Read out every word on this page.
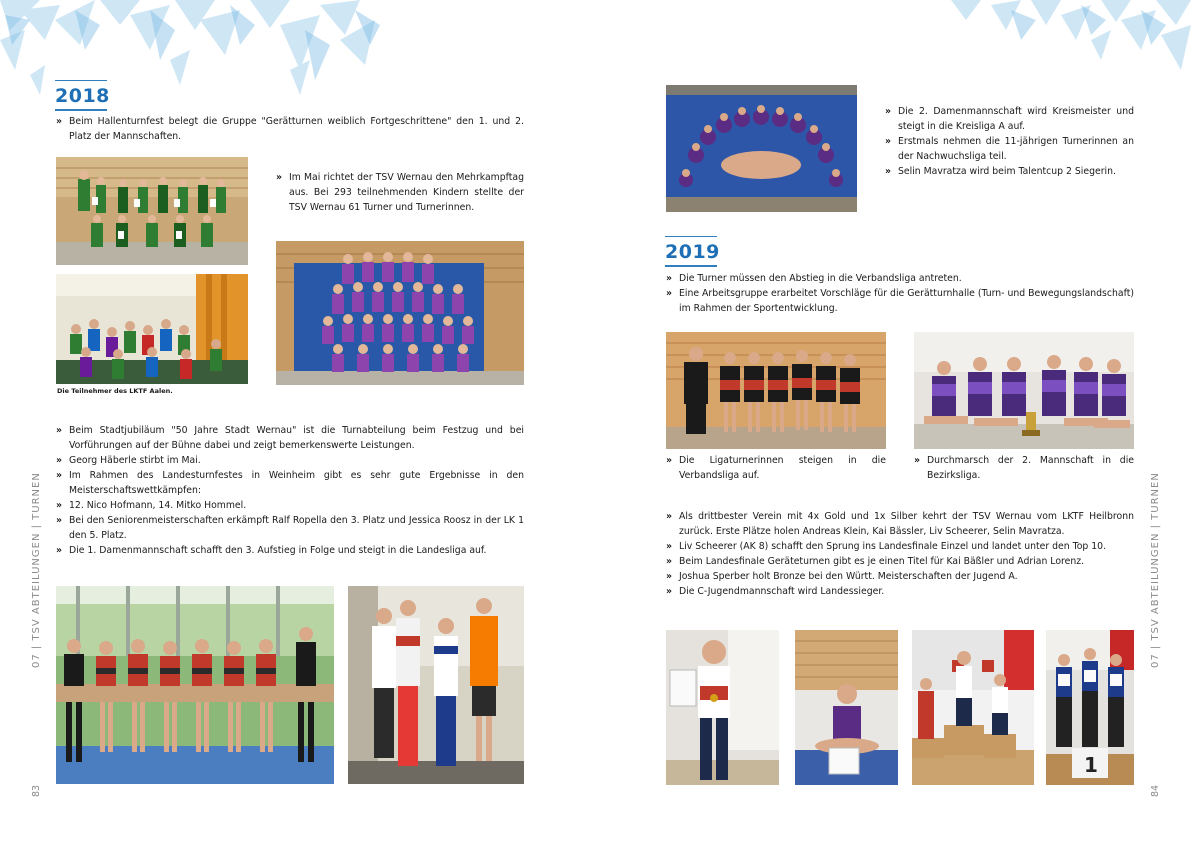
2018
» Beim Hallenturnfest belegt die Gruppe "Gerätturnen weiblich Fortgeschrittene" den 1. und 2. Platz der Mannschaften.
» Im Mai richtet der TSV Wernau den Mehrkampftag aus. Bei 293 teilnehmenden Kindern stellte der TSV Wernau 61 Turner und Turnerinnen.
Die Teilnehmer des LKTF Aalen.
» Beim Stadtjubiläum "50 Jahre Stadt Wernau" ist die Turnabteilung beim Festzug und bei Vorführungen auf der Bühne dabei und zeigt bemerkenswerte Leistungen.
» Georg Häberle stirbt im Mai.
» Im Rahmen des Landesturnfestes in Weinheim gibt es sehr gute Ergebnisse in den Meisterschaftswettkämpfen:
» 12. Nico Hofmann, 14. Mitko Hommel.
» Bei den Seniorenmeisterschaften erkämpft Ralf Ropella den 3. Platz und Jessica Roosz in der LK 1 den 5. Platz.
» Die 1. Damenmannschaft schafft den 3. Aufstieg in Folge und steigt in die Landesliga auf.
07 | TSV ABTEILUNGEN | TURNEN
83
» Die 2. Damenmannschaft wird Kreismeister und steigt in die Kreisliga A auf.
» Erstmals nehmen die 11-jährigen Turnerinnen an der Nachwuchsliga teil.
» Selin Mavratza wird beim Talentcup 2 Siegerin.
2019
» Die Turner müssen den Abstieg in die Verbandsliga antreten.
» Eine Arbeitsgruppe erarbeitet Vorschläge für die Gerätturnhalle (Turn- und Bewegungslandschaft) im Rahmen der Sportentwicklung.
» Die Ligaturnerinnen steigen in die Verbandsliga auf.
» Durchmarsch der 2. Mannschaft in die Bezirksliga.
» Als drittbester Verein mit 4x Gold und 1x Silber kehrt der TSV Wernau vom LKTF Heilbronn zurück. Erste Plätze holen Andreas Klein, Kai Bässler, Liv Scheerer, Selin Mavratza.
» Liv Scheerer (AK 8) schafft den Sprung ins Landesfinale Einzel und landet unter den Top 10.
» Beim Landesfinale Geräteturnen gibt es je einen Titel für Kai Bäßler und Adrian Lorenz.
» Joshua Sperber holt Bronze bei den Württ. Meisterschaften der Jugend A.
» Die C-Jugendmannschaft wird Landessieger.
1
07 | TSV ABTEILUNGEN | TURNEN
84
